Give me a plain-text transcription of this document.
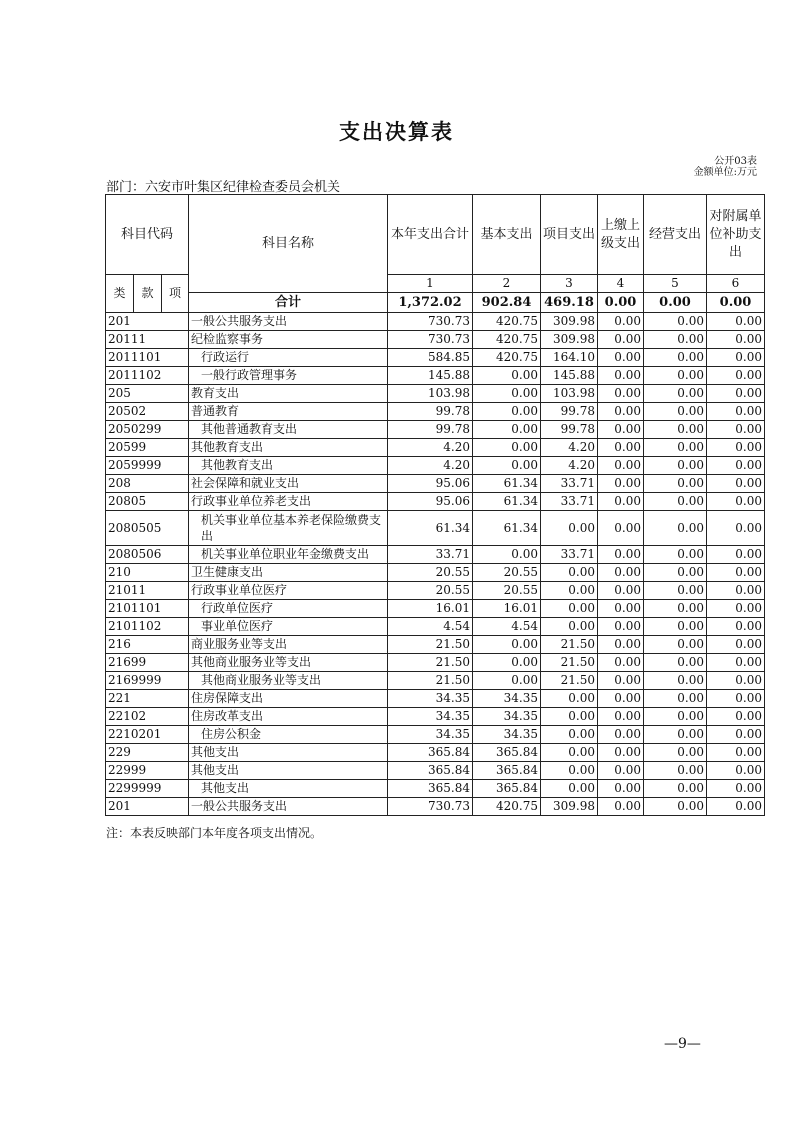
支出决算表
公开03表
金额单位:万元
部门：六安市叶集区纪律检查委员会机关
科目代码			科目名称	本年支出合计	基本支出	项目支出	上缴上级支出	经营支出	对附属单位补助支出
类	款	项		1	2	3	4	5	6
			合计	1,372.02	902.84	469.18	0.00	0.00	0.00
201			一般公共服务支出	730.73	420.75	309.98	0.00	0.00	0.00
20111			纪检监察事务	730.73	420.75	309.98	0.00	0.00	0.00
2011101			行政运行	584.85	420.75	164.10	0.00	0.00	0.00
2011102			一般行政管理事务	145.88	0.00	145.88	0.00	0.00	0.00
205			教育支出	103.98	0.00	103.98	0.00	0.00	0.00
20502			普通教育	99.78	0.00	99.78	0.00	0.00	0.00
2050299			其他普通教育支出	99.78	0.00	99.78	0.00	0.00	0.00
20599			其他教育支出	4.20	0.00	4.20	0.00	0.00	0.00
2059999			其他教育支出	4.20	0.00	4.20	0.00	0.00	0.00
208			社会保障和就业支出	95.06	61.34	33.71	0.00	0.00	0.00
20805			行政事业单位养老支出	95.06	61.34	33.71	0.00	0.00	0.00
2080505			机关事业单位基本养老保险缴费支出	61.34	61.34	0.00	0.00	0.00	0.00
2080506			机关事业单位职业年金缴费支出	33.71	0.00	33.71	0.00	0.00	0.00
210			卫生健康支出	20.55	20.55	0.00	0.00	0.00	0.00
21011			行政事业单位医疗	20.55	20.55	0.00	0.00	0.00	0.00
2101101			行政单位医疗	16.01	16.01	0.00	0.00	0.00	0.00
2101102			事业单位医疗	4.54	4.54	0.00	0.00	0.00	0.00
216			商业服务业等支出	21.50	0.00	21.50	0.00	0.00	0.00
21699			其他商业服务业等支出	21.50	0.00	21.50	0.00	0.00	0.00
2169999			其他商业服务业等支出	21.50	0.00	21.50	0.00	0.00	0.00
221			住房保障支出	34.35	34.35	0.00	0.00	0.00	0.00
22102			住房改革支出	34.35	34.35	0.00	0.00	0.00	0.00
2210201			住房公积金	34.35	34.35	0.00	0.00	0.00	0.00
229			其他支出	365.84	365.84	0.00	0.00	0.00	0.00
22999			其他支出	365.84	365.84	0.00	0.00	0.00	0.00
2299999			其他支出	365.84	365.84	0.00	0.00	0.00	0.00
201			一般公共服务支出	730.73	420.75	309.98	0.00	0.00	0.00
注：本表反映部门本年度各项支出情况。
—9—
